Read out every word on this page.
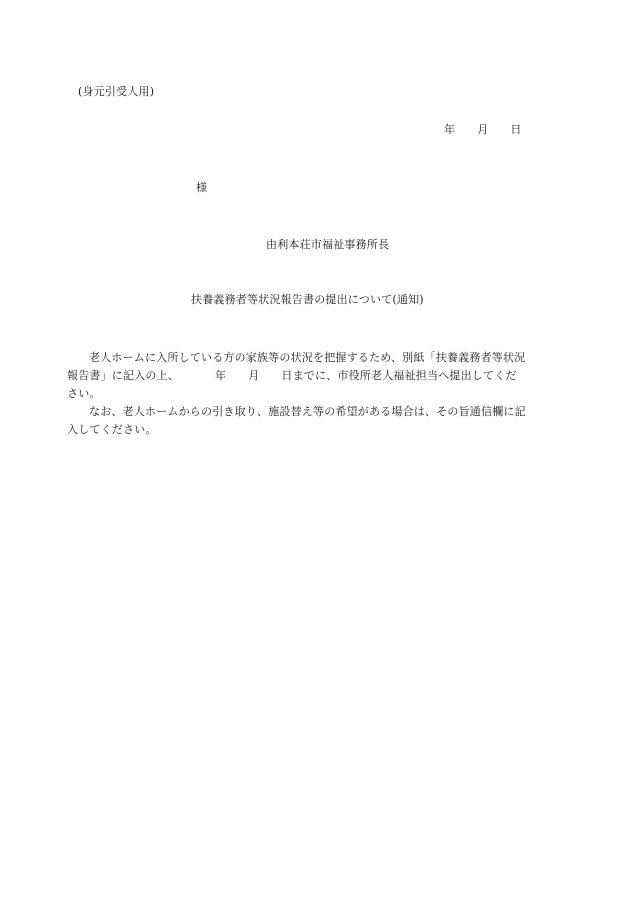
(身元引受人用)
年 月 日
様
由利本荘市福祉事務所長
扶養義務者等状況報告書の提出について(通知)

老人ホームに入所している方の家族等の状況を把握するため、別紙「扶養義務者等状況
報告書」に記入の上、	年 月 日までに、市役所老人福祉担当へ提出してくだ
さい。

なお、老人ホームからの引き取り、施設替え等の希望がある場合は、その旨通信欄に記
入してください。
